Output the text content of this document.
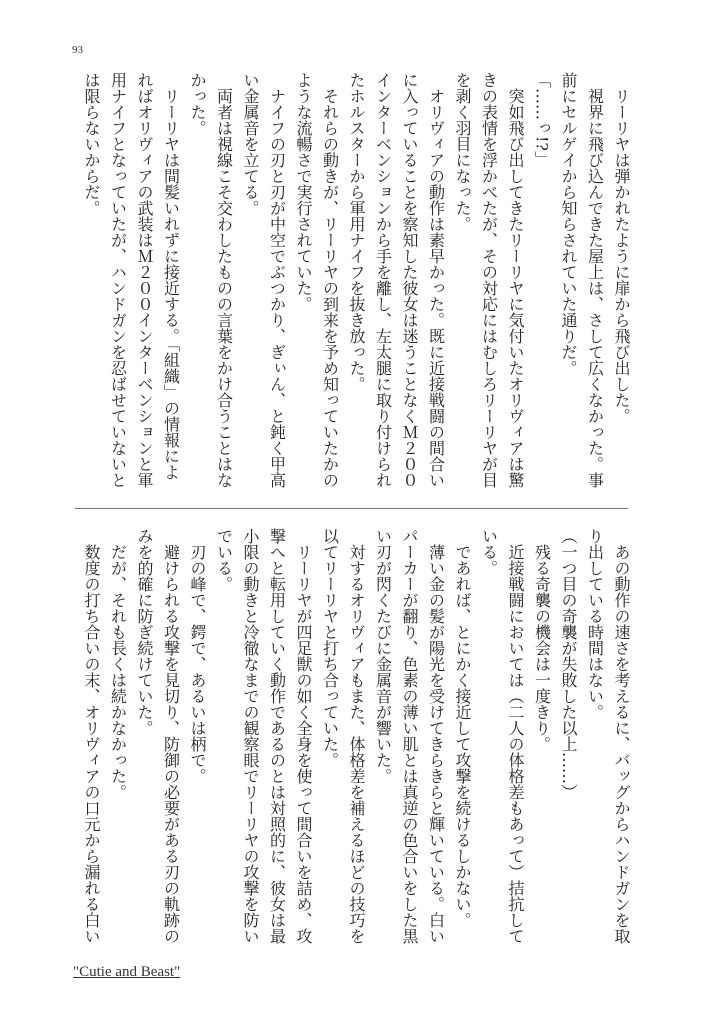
93
　リーリヤは弾かれたように扉から飛び出した。
　視界に飛び込んできた屋上は、さして広くなかった。事
前にセルゲイから知らされていた通りだ。
「……っ!?」
　突如飛び出してきたリーリヤに気付いたオリヴィアは驚
きの表情を浮かべたが、その対応にはむしろリーリヤが目
を剥く羽目になった。
　オリヴィアの動作は素早かった。既に近接戦闘の間合い
に入っていることを察知した彼女は迷うことなくＭ２００
インターベンションから手を離し、左太腿に取り付けられ
たホルスターから軍用ナイフを抜き放った。
　それらの動きが、リーリヤの到来を予め知っていたかの
ような流暢さで実行されていた。
　ナイフの刃と刃が中空でぶつかり、ぎぃん、と鈍く甲高
い金属音を立てる。
　両者は視線こそ交わしたものの言葉をかけ合うことはな
かった。
　リーリヤは間髪いれずに接近する。「組織」の情報によ
ればオリヴィアの武装はＭ２００インターベンションと軍
用ナイフとなっていたが、ハンドガンを忍ばせていないと
は限らないからだ。
　あの動作の速さを考えるに、バッグからハンドガンを取
り出している時間はない。
（一つ目の奇襲が失敗した以上……）
　残る奇襲の機会は一度きり。
　近接戦闘においては（二人の体格差もあって）拮抗して
いる。
　であれば、とにかく接近して攻撃を続けるしかない。
　薄い金の髪が陽光を受けてきらきらと輝いている。白い
パーカーが翻り、色素の薄い肌とは真逆の色合いをした黒
い刃が閃くたびに金属音が響いた。
　対するオリヴィアもまた、体格差を補えるほどの技巧を
以てリーリヤと打ち合っていた。
　リーリヤが四足獣の如く全身を使って間合いを詰め、攻
撃へと転用していく動作であるのとは対照的に、彼女は最
小限の動きと冷徹なまでの観察眼でリーリヤの攻撃を防い
でいる。
　刃の峰で、鍔で、あるいは柄で。
　避けられる攻撃を見切り、防御の必要がある刃の軌跡の
みを的確に防ぎ続けていた。
　だが、それも長くは続かなかった。
　数度の打ち合いの末、オリヴィアの口元から漏れる白い
"Cutie and Beast"
